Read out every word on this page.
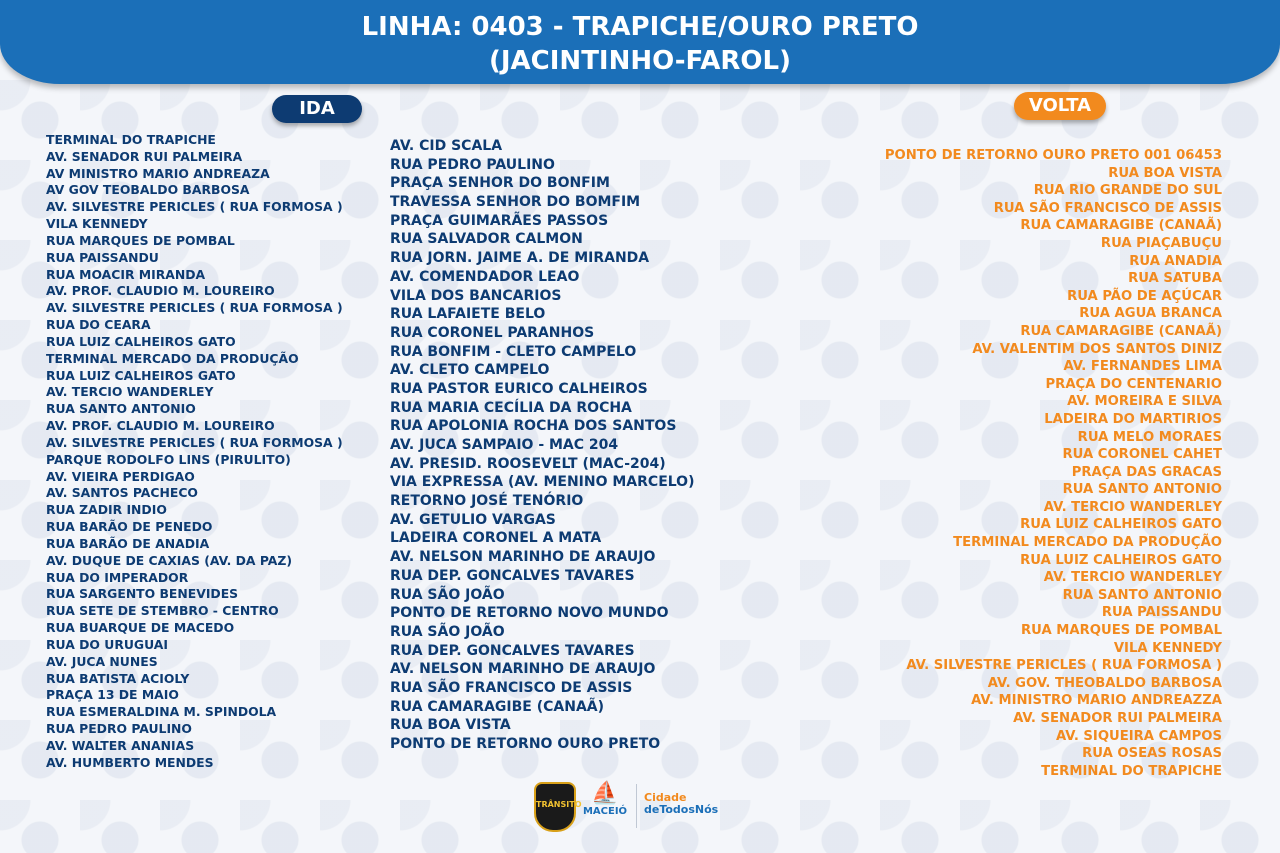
LINHA: 0403 - TRAPICHE/OURO PRETO
(JACINTINHO-FAROL)
IDA	VOLTA
TERMINAL DO TRAPICHE
AV. SENADOR RUI PALMEIRA
AV MINISTRO MARIO ANDREAZA
AV GOV TEOBALDO BARBOSA
AV. SILVESTRE PERICLES ( RUA FORMOSA )
VILA KENNEDY
RUA MARQUES DE POMBAL
RUA PAISSANDU
RUA MOACIR MIRANDA
AV. PROF. CLAUDIO M. LOUREIRO
AV. SILVESTRE PERICLES ( RUA FORMOSA )
RUA DO CEARA
RUA LUIZ CALHEIROS GATO
TERMINAL MERCADO DA PRODUÇÃO
RUA LUIZ CALHEIROS GATO
AV. TERCIO WANDERLEY
RUA SANTO ANTONIO
AV. PROF. CLAUDIO M. LOUREIRO
AV. SILVESTRE PERICLES ( RUA FORMOSA )
PARQUE RODOLFO LINS (PIRULITO)
AV. VIEIRA PERDIGAO
AV. SANTOS PACHECO
RUA ZADIR INDIO
RUA BARÃO DE PENEDO
RUA BARÃO DE ANADIA
AV. DUQUE DE CAXIAS (AV. DA PAZ)
RUA DO IMPERADOR
RUA SARGENTO BENEVIDES
RUA SETE DE STEMBRO - CENTRO
RUA BUARQUE DE MACEDO
RUA DO URUGUAI
AV. JUCA NUNES
RUA BATISTA ACIOLY
PRAÇA 13 DE MAIO
RUA ESMERALDINA M. SPINDOLA
RUA PEDRO PAULINO
AV. WALTER ANANIAS
AV. HUMBERTO MENDES
AV. CID SCALA
RUA PEDRO PAULINO
PRAÇA SENHOR DO BONFIM
TRAVESSA SENHOR DO BOMFIM
PRAÇA GUIMARÃES PASSOS
RUA SALVADOR CALMON
RUA JORN. JAIME A. DE MIRANDA
AV. COMENDADOR LEAO
VILA DOS BANCARIOS
RUA LAFAIETE BELO
RUA CORONEL PARANHOS
RUA BONFIM - CLETO CAMPELO
AV. CLETO CAMPELO
RUA PASTOR EURICO CALHEIROS
RUA MARIA CECÍLIA DA ROCHA
RUA APOLONIA ROCHA DOS SANTOS
AV. JUCA SAMPAIO - MAC 204
AV. PRESID. ROOSEVELT (MAC-204)
VIA EXPRESSA (AV. MENINO MARCELO)
RETORNO JOSÉ TENÓRIO
AV. GETULIO VARGAS
LADEIRA CORONEL A MATA
AV. NELSON MARINHO DE ARAUJO
RUA DEP. GONCALVES TAVARES
RUA SÃO JOÃO
PONTO DE RETORNO NOVO MUNDO
RUA SÃO JOÃO
RUA DEP. GONCALVES TAVARES
AV. NELSON MARINHO DE ARAUJO
RUA SÃO FRANCISCO DE ASSIS
RUA CAMARAGIBE (CANAÃ)
RUA BOA VISTA
PONTO DE RETORNO OURO PRETO
PONTO DE RETORNO OURO PRETO 001 06453
RUA BOA VISTA
RUA RIO GRANDE DO SUL
RUA SÃO FRANCISCO DE ASSIS
RUA CAMARAGIBE (CANAÃ)
RUA PIAÇABUÇU
RUA ANADIA
RUA SATUBA
RUA PÃO DE AÇÚCAR
RUA AGUA BRANCA
RUA CAMARAGIBE (CANAÃ)
AV. VALENTIM DOS SANTOS DINIZ
AV. FERNANDES LIMA
PRAÇA DO CENTENARIO
AV. MOREIRA E SILVA
LADEIRA DO MARTIRIOS
RUA MELO MORAES
RUA CORONEL CAHET
PRAÇA DAS GRACAS
RUA SANTO ANTONIO
AV. TERCIO WANDERLEY
RUA LUIZ CALHEIROS GATO
TERMINAL MERCADO DA PRODUÇÃO
RUA LUIZ CALHEIROS GATO
AV. TERCIO WANDERLEY
RUA SANTO ANTONIO
RUA PAISSANDU
RUA MARQUES DE POMBAL
VILA KENNEDY
AV. SILVESTRE PERICLES ( RUA FORMOSA )
AV. GOV. THEOBALDO BARBOSA
AV. MINISTRO MARIO ANDREAZZA
AV. SENADOR RUI PALMEIRA
AV. SIQUEIRA CAMPOS
RUA OSEAS ROSAS
TERMINAL DO TRAPICHE
TRÂNSITO ⛵
MACEIÓ
Cidade
deTodosNós
